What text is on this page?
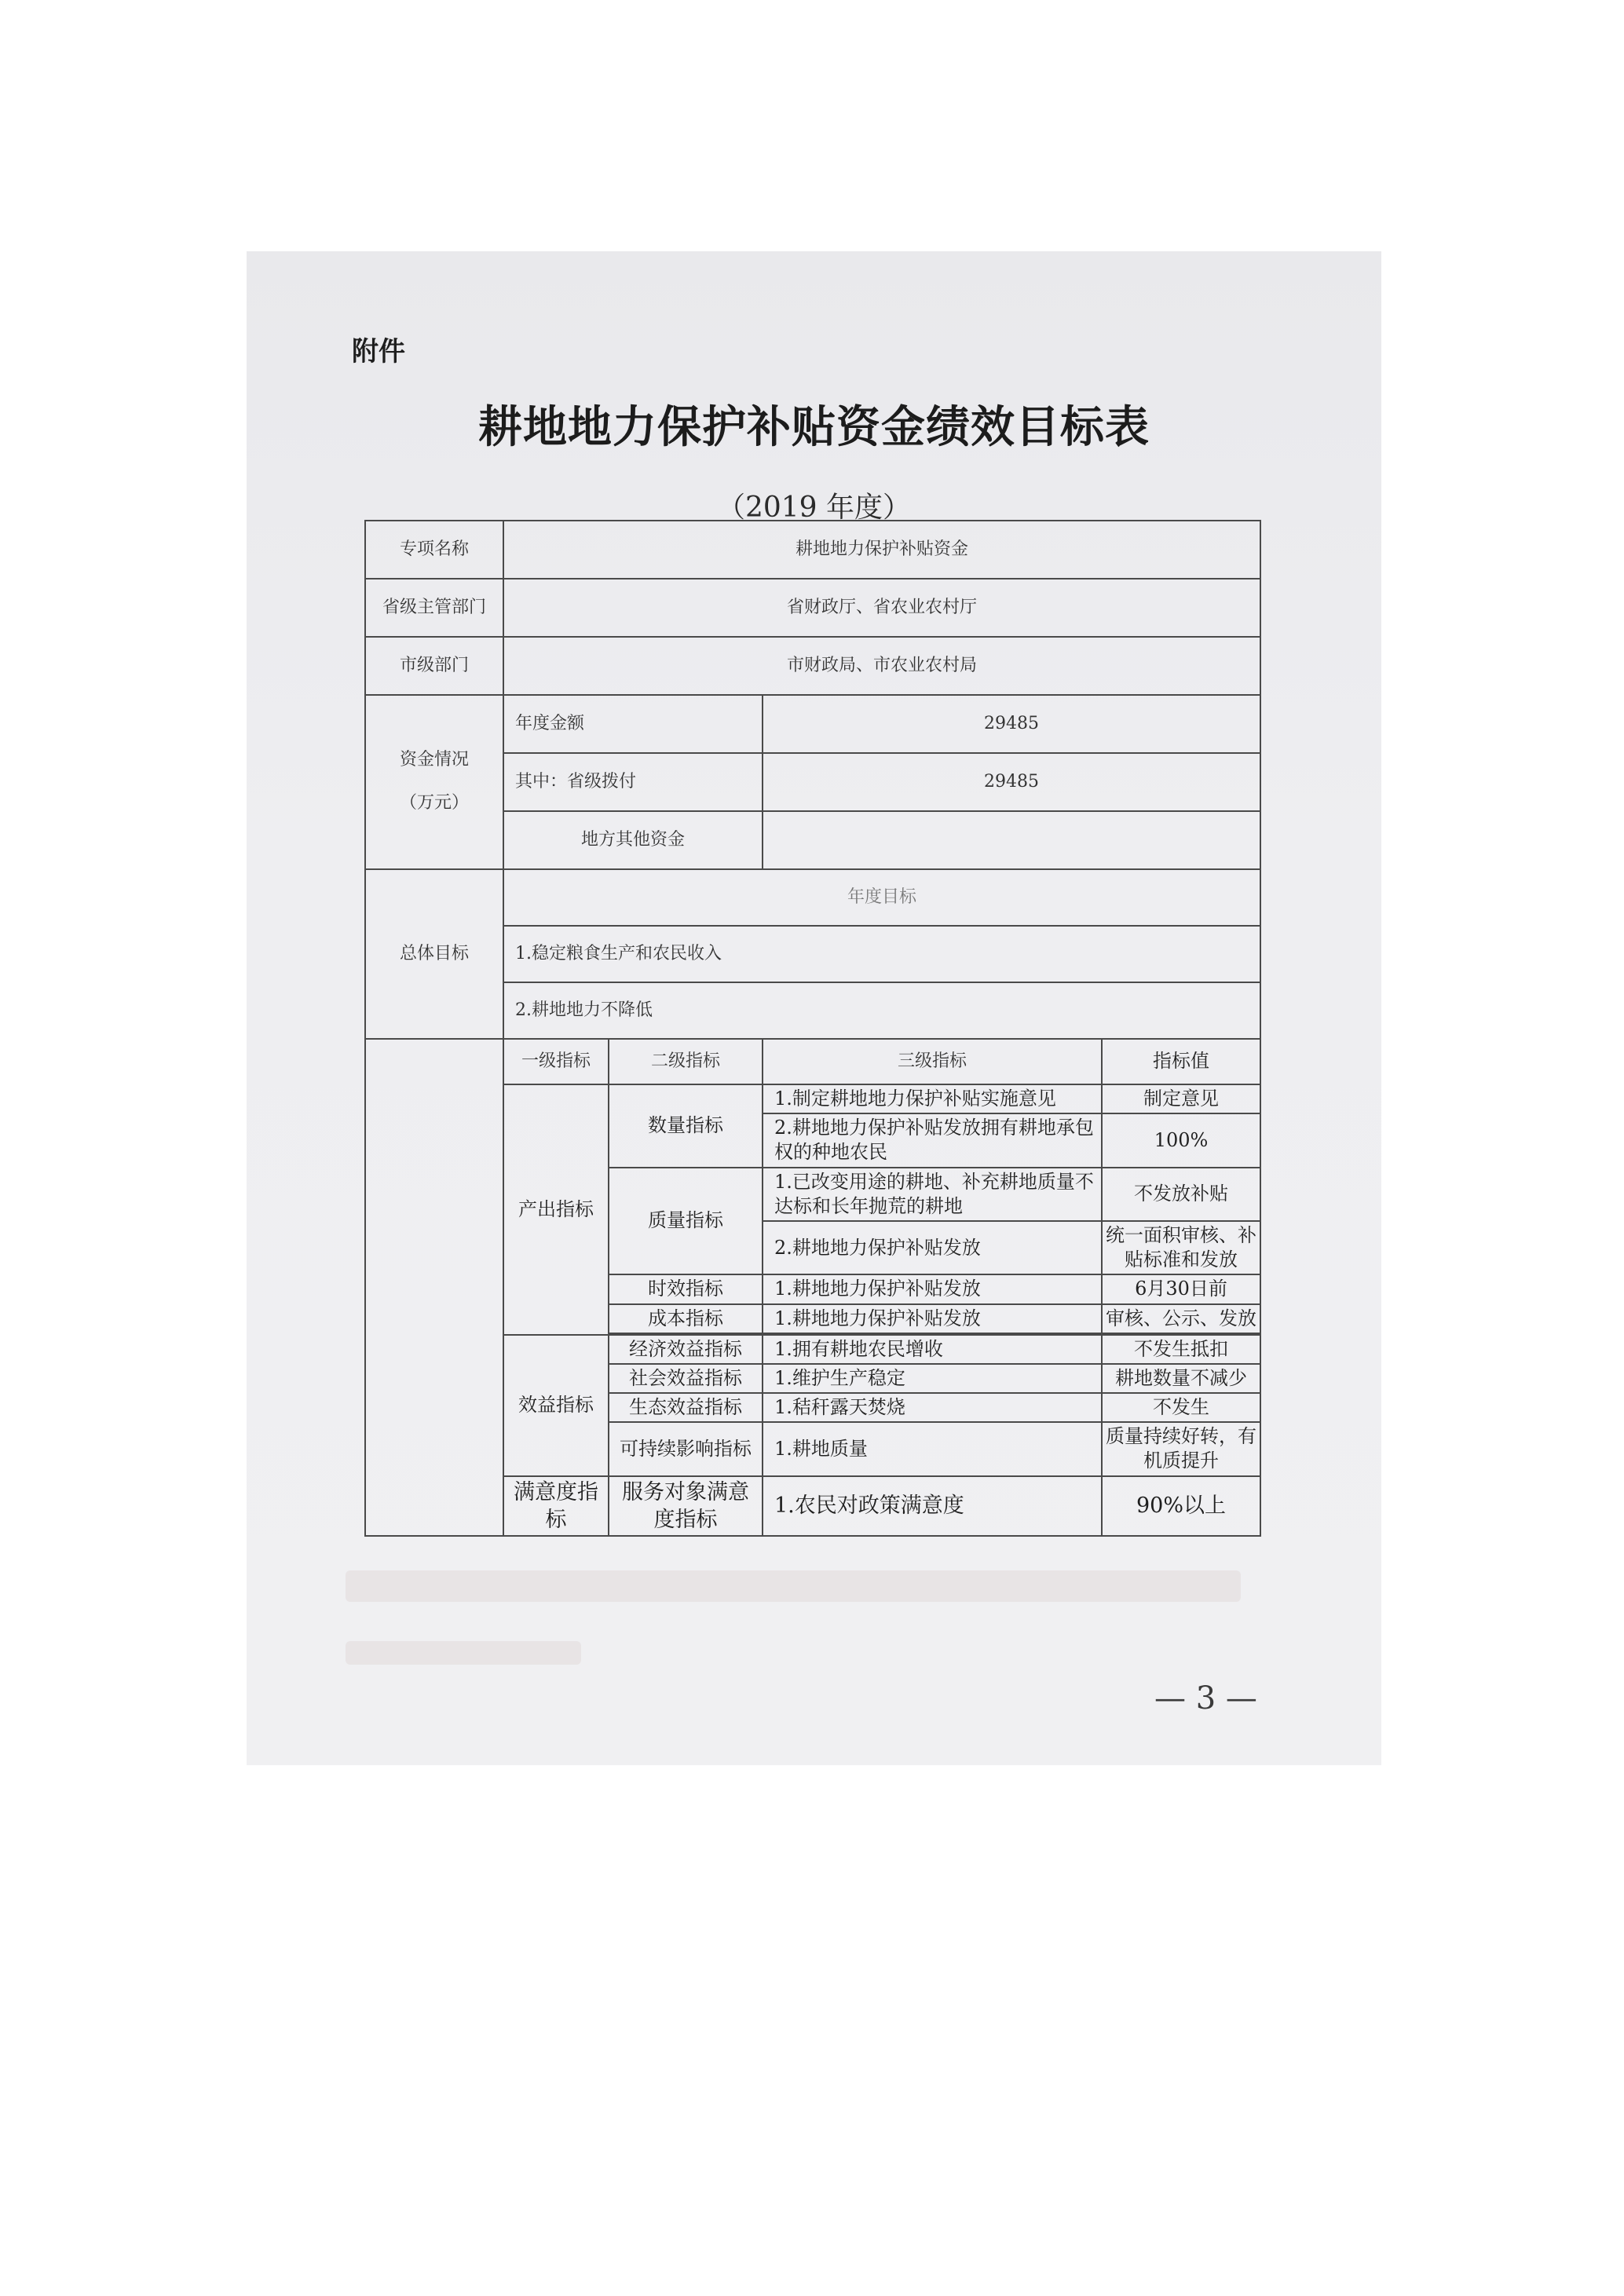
附件
耕地地力保护补贴资金绩效目标表
（2019 年度）
专项名称	耕地地力保护补贴资金			
省级主管部门	省财政厅、省农业农村厅			
市级部门	市财政局、市农业农村局			

资金情况
（万元）	年度金额		29485	
	其中：省级拨付		29485	
	地方其他资金			
总体目标	年度目标			
	1.稳定粮食生产和农民收入			
	2.耕地地力不降低			
	一级指标	二级指标	三级指标	指标值
	产出指标	数量指标	1.制定耕地地力保护补贴实施意见	制定意见
			2.耕地地力保护补贴发放拥有耕地承包权的种地农民	100%
		质量指标	1.已改变用途的耕地、补充耕地质量不达标和长年抛荒的耕地	不发放补贴
			2.耕地地力保护补贴发放	统一面积审核、补贴标准和发放
		时效指标	1.耕地地力保护补贴发放	6月30日前
		成本指标	1.耕地地力保护补贴发放	审核、公示、发放

	效益指标	经济效益指标	1.拥有耕地农民增收	不发生抵扣
		社会效益指标	1.维护生产稳定	耕地数量不减少
		生态效益指标	1.秸秆露天焚烧	不发生
		可持续影响指标	1.耕地质量	质量持续好转，有机质提升
	满意度指标	服务对象满意度指标	1.农民对政策满意度	90%以上
— 3 —
